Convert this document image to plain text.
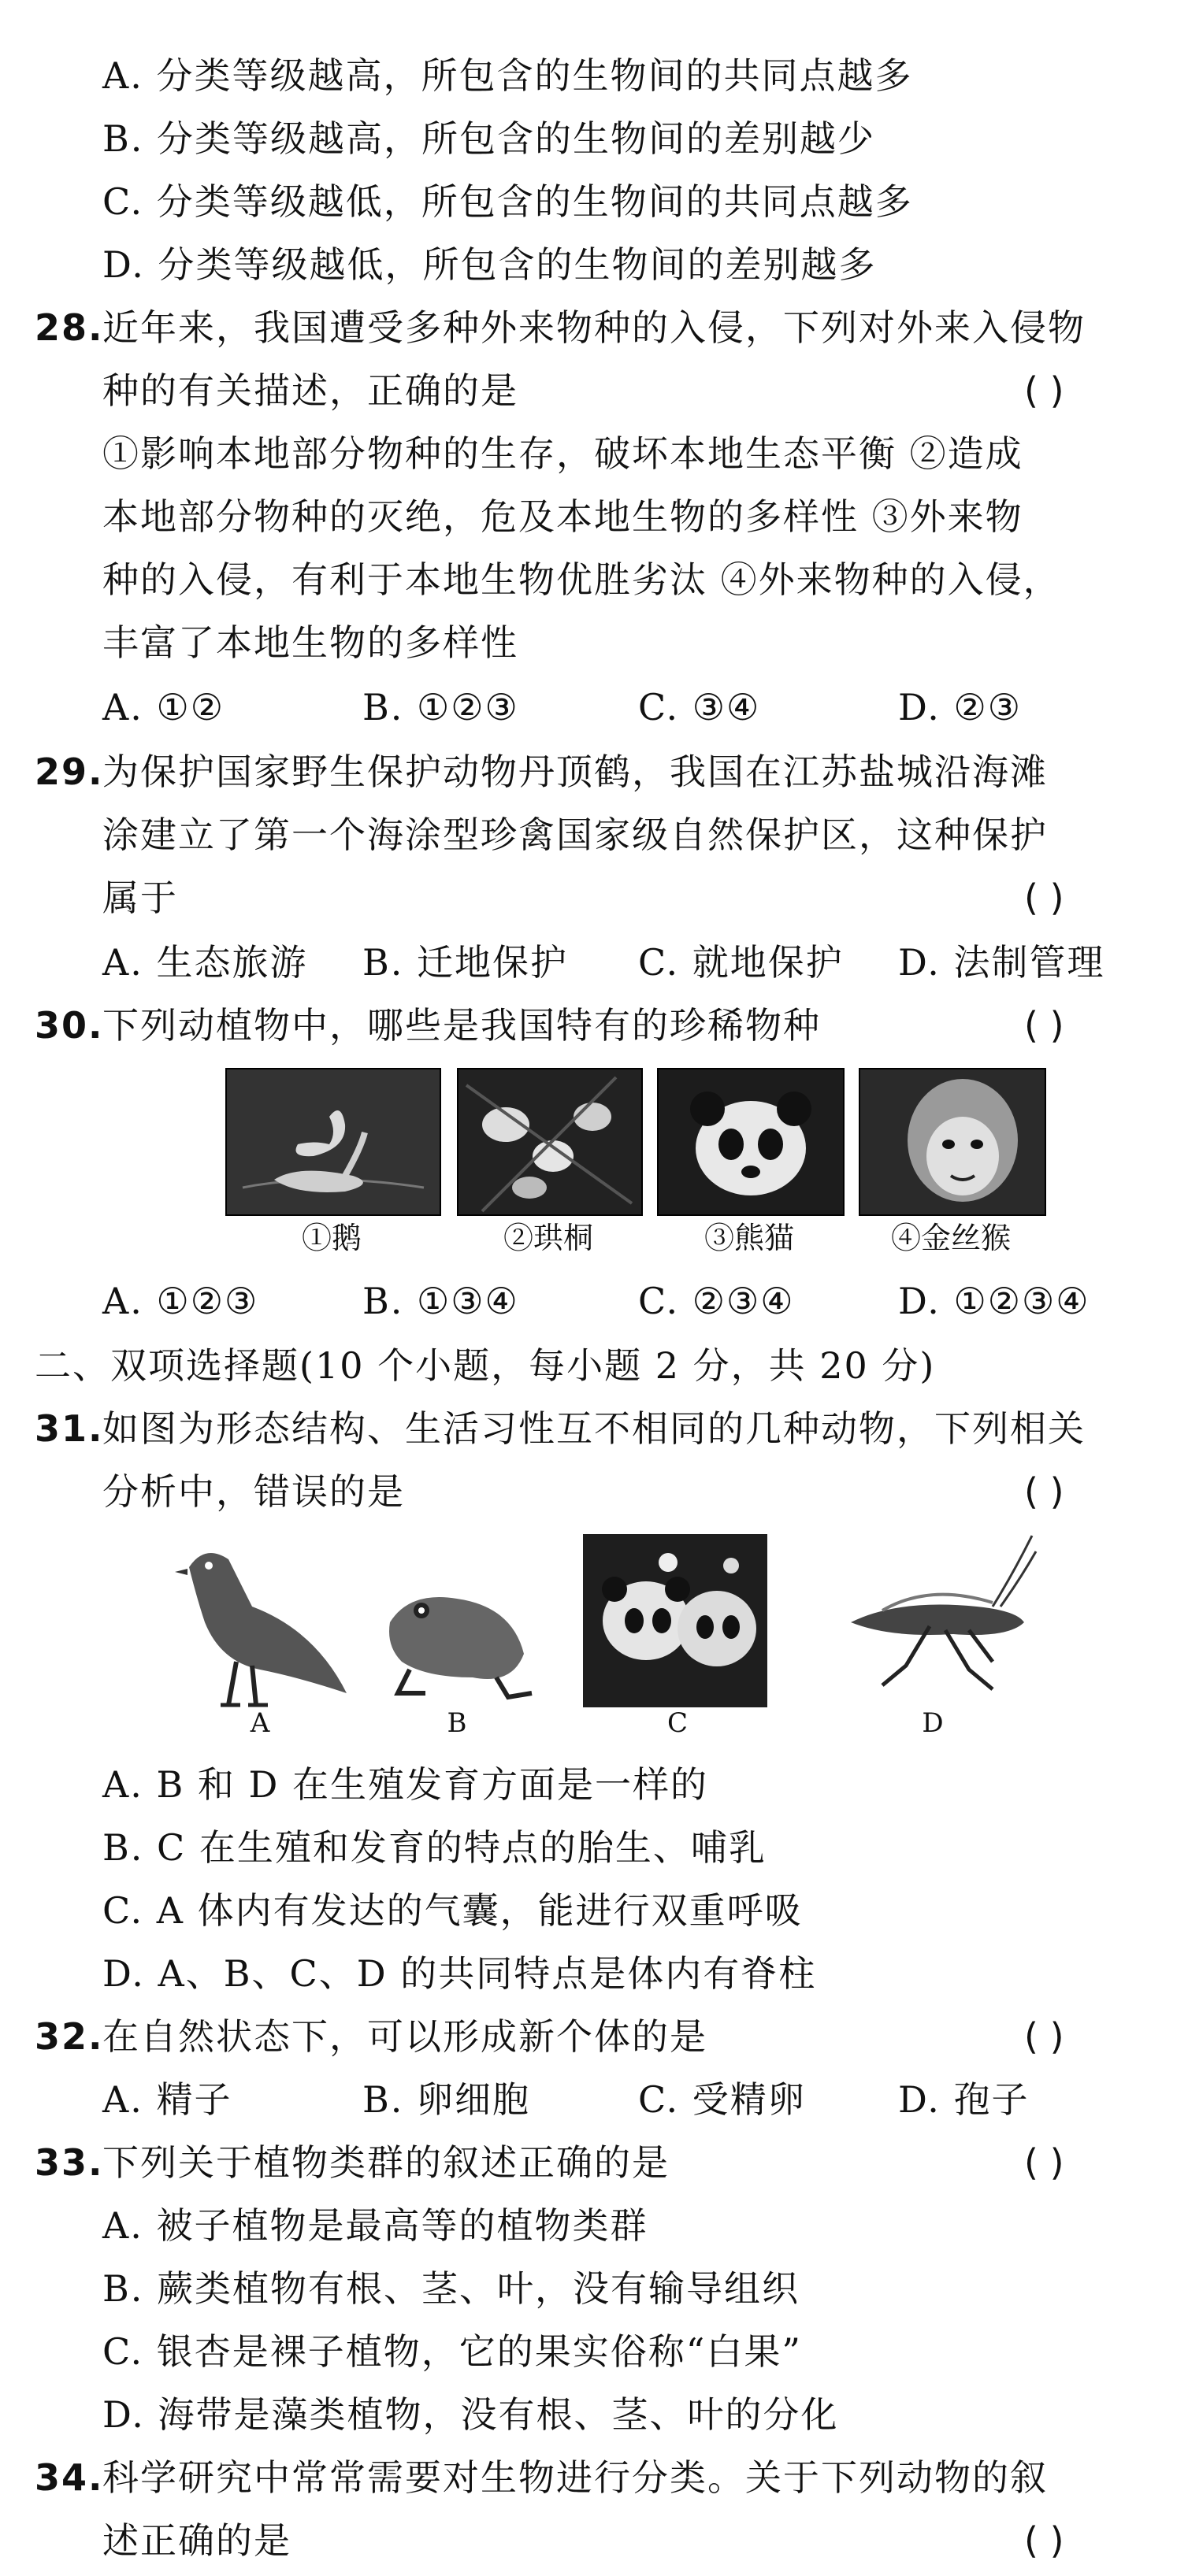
A. 分类等级越高，所包含的生物间的共同点越多
B. 分类等级越高，所包含的生物间的差别越少
C. 分类等级越低，所包含的生物间的共同点越多
D. 分类等级越低，所包含的生物间的差别越多
28.
近年来，我国遭受多种外来物种的入侵，下列对外来入侵物
种的有关描述，正确的是	( )
①影响本地部分物种的生存，破坏本地生态平衡 ②造成
本地部分物种的灭绝，危及本地生物的多样性 ③外来物
种的入侵，有利于本地生物优胜劣汰 ④外来物种的入侵，
丰富了本地生物的多样性
A. ①②	B. ①②③	C. ③④	D. ②③
29.
为保护国家野生保护动物丹顶鹤，我国在江苏盐城沿海滩
涂建立了第一个海涂型珍禽国家级自然保护区，这种保护
属于	( )
A. 生态旅游 B. 迁地保护 C. 就地保护 D. 法制管理
30.
下列动植物中，哪些是我国特有的珍稀物种	( )
①鹅	②珙桐	③熊猫	④金丝猴
A. ①②③	B. ①③④	C. ②③④	D. ①②③④
二、双项选择题(10 个小题，每小题 2 分，共 20 分)
31.
如图为形态结构、生活习性互不相同的几种动物，下列相关
分析中，错误的是	( )
A	B	C	D
A. B 和 D 在生殖发育方面是一样的
B. C 在生殖和发育的特点的胎生、哺乳
C. A 体内有发达的气囊，能进行双重呼吸
D. A、B、C、D 的共同特点是体内有脊柱
32.
在自然状态下，可以形成新个体的是	( )
A. 精子	B. 卵细胞	C. 受精卵	D. 孢子
33.
下列关于植物类群的叙述正确的是	( )
A. 被子植物是最高等的植物类群
B. 蕨类植物有根、茎、叶，没有输导组织
C. 银杏是裸子植物，它的果实俗称“白果”
D. 海带是藻类植物，没有根、茎、叶的分化
34.
科学研究中常常需要对生物进行分类。关于下列动物的叙
述正确的是	( )
